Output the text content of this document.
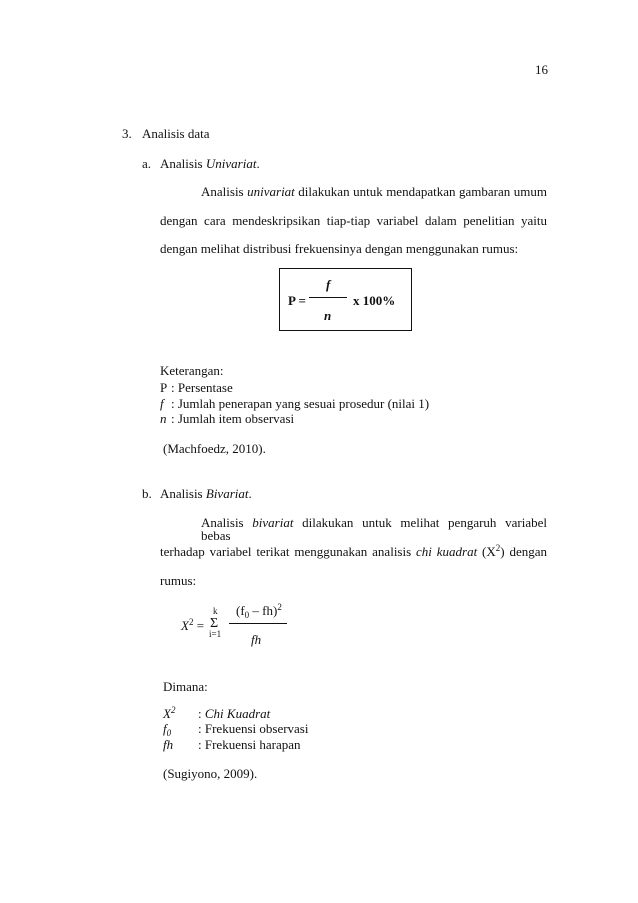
16
3. Analisis data
a. Analisis Univariat.
Analisis univariat dilakukan untuk mendapatkan gambaran umum
dengan cara mendeskripsikan tiap-tiap variabel dalam penelitian yaitu
dengan melihat distribusi frekuensinya dengan menggunakan rumus:
P =
f
n
x 100%
Keterangan:
P : Persentase
f : Jumlah penerapan yang sesuai prosedur (nilai 1)
n : Jumlah item observasi
(Machfoedz, 2010).
b. Analisis Bivariat.
Analisis bivariat dilakukan untuk melihat pengaruh variabel bebas
terhadap variabel terikat menggunakan analisis chi kuadrat $(X^2)$ dengan
rumus:
$X^2$ =
k
Σ
i=1
$(f_0 - fh)^2$
fh
Dimana:
$X^2$ : Chi Kuadrat
$f_0$ : Frekuensi observasi
fh : Frekuensi harapan
(Sugiyono, 2009).
